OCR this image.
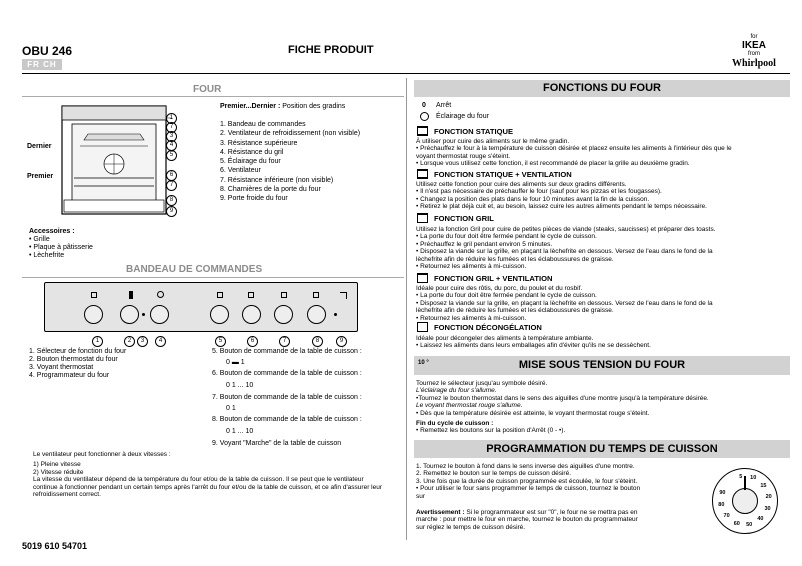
OBU 246	FICHE PRODUIT
FR CH
for
IKEA
from
Whirlpool
FOUR
Dernier
Premier
1
7
3
4
5
6
7
8
9
Premier...Dernier : Position des gradins

1. Bandeau de commandes

2. Ventilateur de refroidissement (non visible)

3. Résistance supérieure

4. Résistance du gril

5. Éclairage du four

6. Ventilateur

7. Résistance inférieure (non visible)

8. Charnières de la porte du four

9. Porte froide du four

Accessoires :

• Grille

• Plaque à pâtisserie

• Lèchefrite

BANDEAU DE COMMANDES
1	2	3	4	5	6	7	8	9

1. Sélecteur de fonction du four

2. Bouton thermostat du four

3. Voyant thermostat

4. Programmateur du four

5. Bouton de commande de la table de cuisson :

0 ▬ 1

6. Bouton de commande de la table de cuisson :

0 1 ... 10

7. Bouton de commande de la table de cuisson :

0 1

8. Bouton de commande de la table de cuisson :

0 1 ... 10

9. Voyant "Marche" de la table de cuisson

Le ventilateur peut fonctionner à deux vitesses :

1) Pleine vitesse

2) Vitesse réduite

La vitesse du ventilateur dépend de la température du four et/ou de la table de cuisson. Il se peut que le ventilateur continue à fonctionner pendant un certain temps après l'arrêt du four et/ou de la table de cuisson, et ce afin d'assurer leur refroidissement correct.

5019 610 54701
FONCTIONS DU FOUR
0 Arrêt
Éclairage du four
FONCTION STATIQUE

À utiliser pour cuire des aliments sur le même gradin.

• Préchauffez le four à la température de cuisson désirée et placez ensuite les aliments à l'intérieur dès que le

voyant thermostat rouge s'éteint.

• Lorsque vous utilisez cette fonction, il est recommandé de placer la grille au deuxième gradin.

FONCTION STATIQUE + VENTILATION

Utilisez cette fonction pour cuire des aliments sur deux gradins différents.

• Il n'est pas nécessaire de préchauffer le four (sauf pour les pizzas et les fougasses).

• Changez la position des plats dans le four 10 minutes avant la fin de la cuisson.

• Retirez le plat déjà cuit et, au besoin, laissez cuire les autres aliments pendant le temps nécessaire.

FONCTION GRIL

Utilisez la fonction Gril pour cuire de petites pièces de viande (steaks, saucisses) et préparer des toasts.

• La porte du four doit être fermée pendant le cycle de cuisson.

• Préchauffez le gril pendant environ 5 minutes.

• Disposez la viande sur la grille, en plaçant la lèchefrite en dessous. Versez de l'eau dans le fond de la

lèchefrite afin de réduire les fumées et les éclaboussures de graisse.

• Retournez les aliments à mi-cuisson.

FONCTION GRIL + VENTILATION

Idéale pour cuire des rôtis, du porc, du poulet et du rosbif.

• La porte du four doit être fermée pendant le cycle de cuisson.

• Disposez la viande sur la grille, en plaçant la lèchefrite en dessous. Versez de l'eau dans le fond de la

lèchefrite afin de réduire les fumées et les éclaboussures de graisse.

• Retournez les aliments à mi-cuisson.

FONCTION DÉCONGÉLATION

Idéale pour décongeler des aliments à température ambiante.

• Laissez les aliments dans leurs emballages afin d'éviter qu'ils ne se dessèchent.

MISE SOUS TENSION DU FOUR
10 °

Tournez le sélecteur jusqu'au symbole désiré.

L'éclairage du four s'allume.

•Tournez le bouton thermostat dans le sens des aiguilles d'une montre jusqu'à la température désirée.

Le voyant thermostat rouge s'allume.

• Dès que la température désirée est atteinte, le voyant thermostat rouge s'éteint.

Fin du cycle de cuisson :

• Remettez les boutons sur la position d'Arrêt (0 - •).

PROGRAMMATION DU TEMPS DE CUISSON

1. Tournez le bouton à fond dans le sens inverse des aiguilles d'une montre.

2. Remettez le bouton sur le temps de cuisson désiré.

3. Une fois que la durée de cuisson programmée est écoulée, le four s'éteint.

• Pour utiliser le four sans programmer le temps de cuisson, tournez le bouton

sur

Avertissement : Si le programmateur est sur "0", le four ne se mettra pas en

marche : pour mettre le four en marche, tournez le bouton du programmateur

sur réglez le temps de cuisson désiré.

5	10
15
20
30
40
50
60
70
80
90
